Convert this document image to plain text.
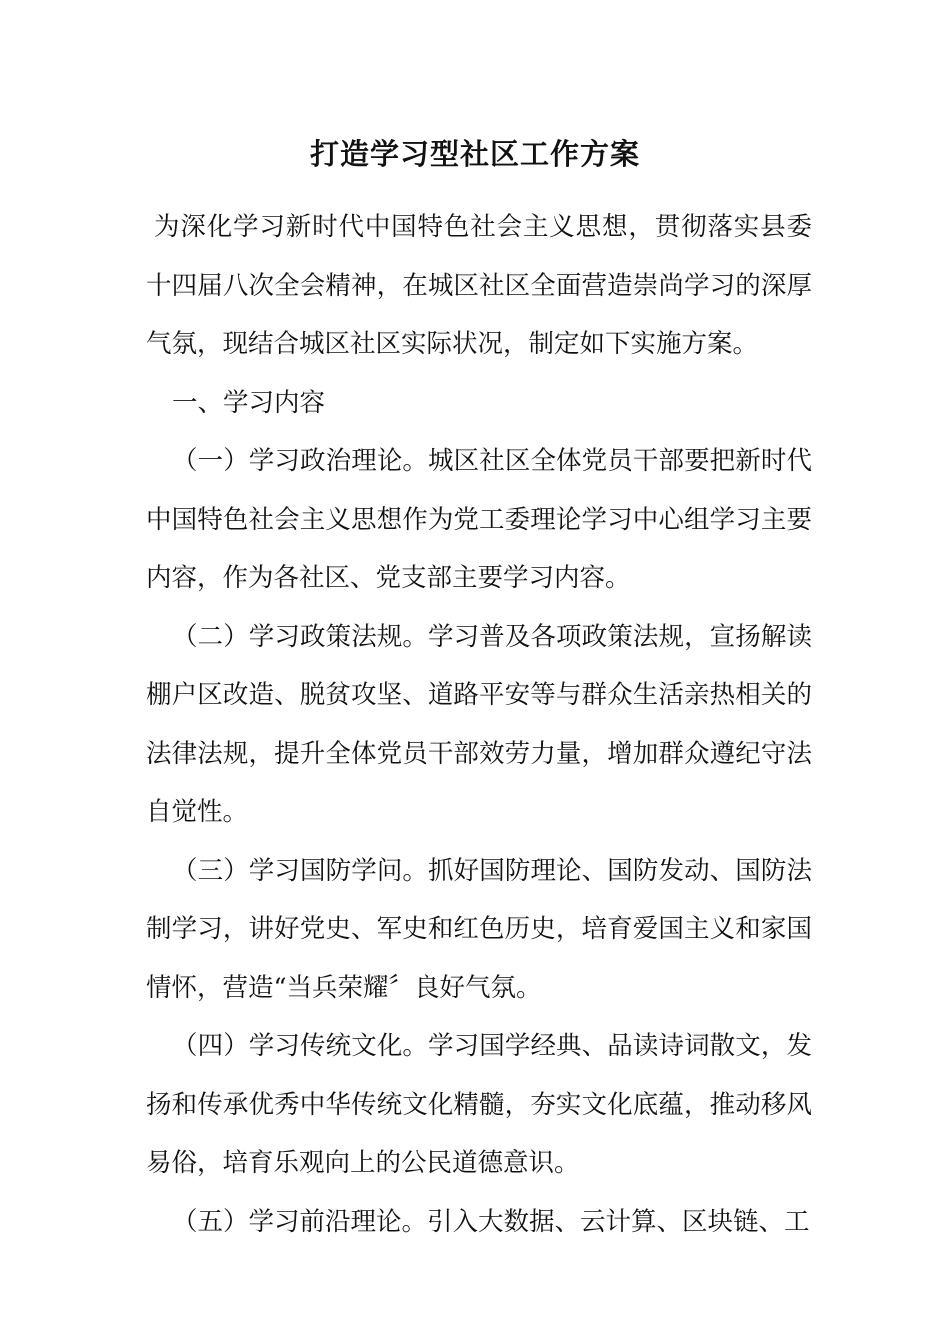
打造学习型社区工作方案

为深化学习新时代中国特色社会主义思想，贯彻落实县委十四届八次全会精神，在城区社区全面营造崇尚学习的深厚气氛，现结合城区社区实际状况，制定如下实施方案。

一、学习内容

（一）学习政治理论。城区社区全体党员干部要把新时代中国特色社会主义思想作为党工委理论学习中心组学习主要内容，作为各社区、党支部主要学习内容。

（二）学习政策法规。学习普及各项政策法规，宣扬解读棚户区改造、脱贫攻坚、道路平安等与群众生活亲热相关的法律法规，提升全体党员干部效劳力量，增加群众遵纪守法自觉性。

（三）学习国防学问。抓好国防理论、国防发动、国防法制学习，讲好党史、军史和红色历史，培育爱国主义和家国情怀，营造“当兵荣耀〞良好气氛。

（四）学习传统文化。学习国学经典、品读诗词散文，发扬和传承优秀中华传统文化精髓，夯实文化底蕴，推动移风易俗，培育乐观向上的公民道德意识。

（五）学习前沿理论。引入大数据、云计算、区块链、工
